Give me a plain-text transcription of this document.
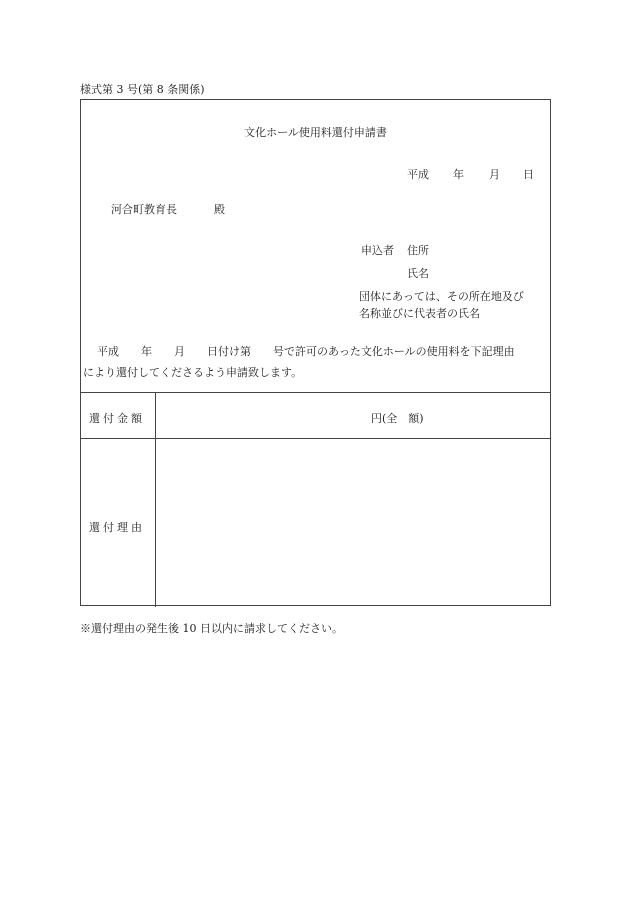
様式第 3 号(第 8 条関係)
文化ホール使用料還付申請書
平成 年 月 日
河合町教育長	殿
申込者 住所
氏名
団体にあっては、その所在地及び
名称並びに代表者の氏名
平成　　年　　月　　日付け第　　号で許可のあった文化ホールの使用料を下記理由
により還付してくださるよう申請致します。
還付金額	円(全　額)
還付理由
※還付理由の発生後 10 日以内に請求してください。
